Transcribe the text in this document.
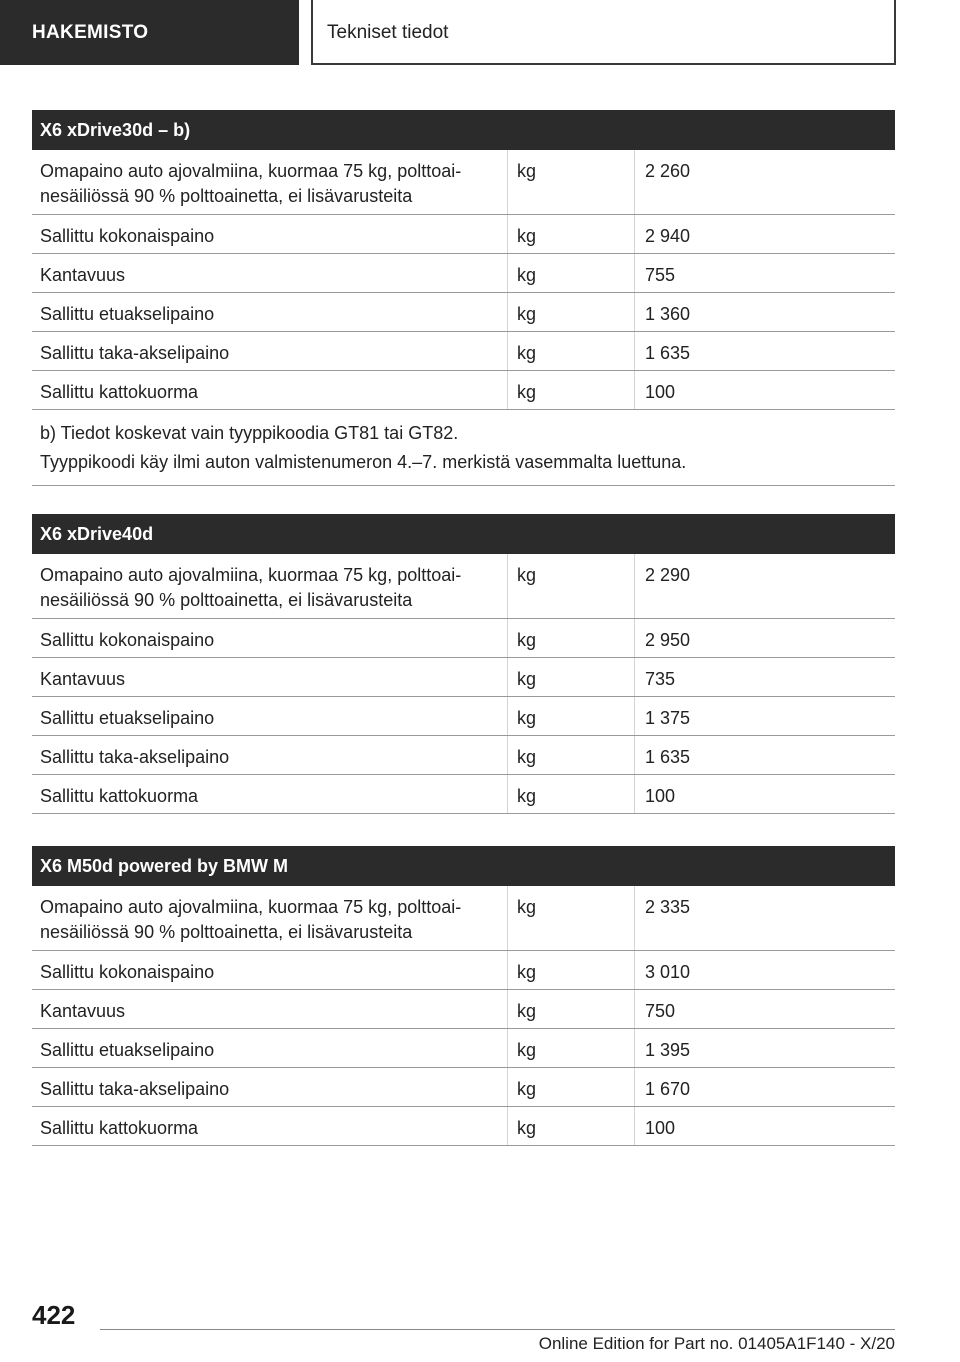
HAKEMISTO	Tekniset tiedot
X6 xDrive30d – b)
Omapaino auto ajovalmiina, kuormaa 75 kg, polttoai-
nesäiliössä 90 % polttoainetta, ei lisävarusteita
kg	2 260
Sallittu kokonaispaino	kg	2 940
Kantavuus	kg	755
Sallittu etuakselipaino	kg	1 360
Sallittu taka-akselipaino	kg	1 635
Sallittu kattokuorma	kg	100
b) Tiedot koskevat vain tyyppikoodia GT81 tai GT82.
Tyyppikoodi käy ilmi auton valmistenumeron 4.–7. merkistä vasemmalta luettuna.
X6 xDrive40d
Omapaino auto ajovalmiina, kuormaa 75 kg, polttoai-
nesäiliössä 90 % polttoainetta, ei lisävarusteita
kg	2 290
Sallittu kokonaispaino	kg	2 950
Kantavuus	kg	735
Sallittu etuakselipaino	kg	1 375
Sallittu taka-akselipaino	kg	1 635
Sallittu kattokuorma	kg	100
X6 M50d powered by BMW M
Omapaino auto ajovalmiina, kuormaa 75 kg, polttoai-
nesäiliössä 90 % polttoainetta, ei lisävarusteita
kg	2 335
Sallittu kokonaispaino	kg	3 010
Kantavuus	kg	750
Sallittu etuakselipaino	kg	1 395
Sallittu taka-akselipaino	kg	1 670
Sallittu kattokuorma	kg	100
422
Online Edition for Part no. 01405A1F140 - X/20
